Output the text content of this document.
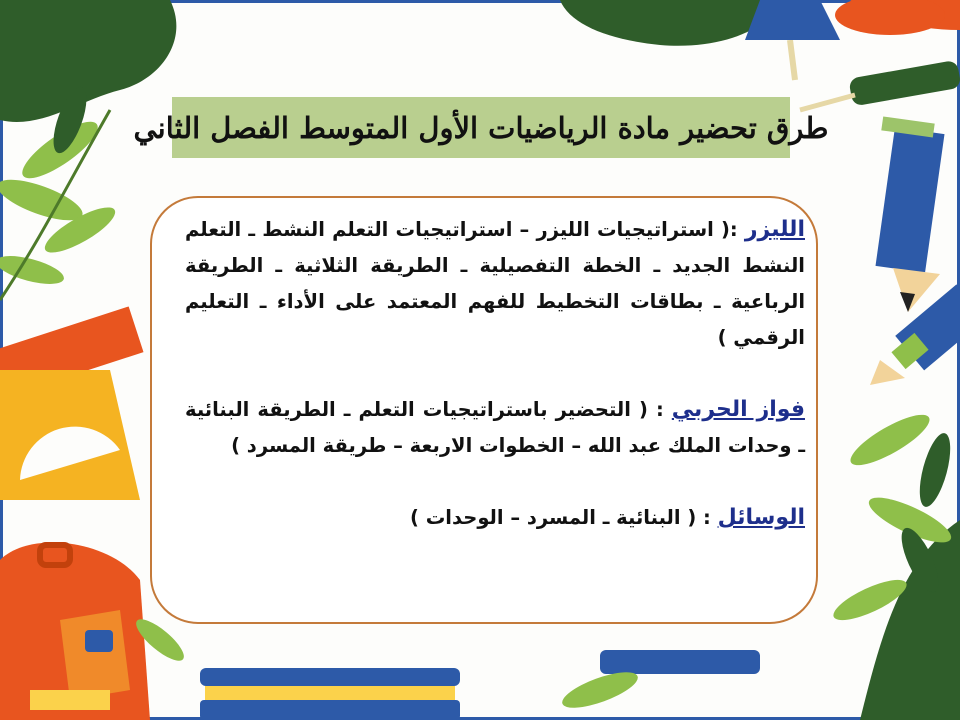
طرق تحضير مادة الرياضيات الأول المتوسط الفصل الثاني

الليزر :( استراتيجيات الليزر – استراتيجيات التعلم النشط ـ التعلم النشط الجديد ـ الخطة التفصيلية ـ الطريقة الثلاثية ـ الطريقة الرباعية ـ بطاقات التخطيط للفهم المعتمد على الأداء ـ التعليم الرقمي )

فواز الحربي : ( التحضير باستراتيجيات التعلم ـ الطريقة البنائية ـ وحدات الملك عبد الله – الخطوات الاربعة – طريقة المسرد )

الوسائل : ( البنائية ـ المسرد – الوحدات )
